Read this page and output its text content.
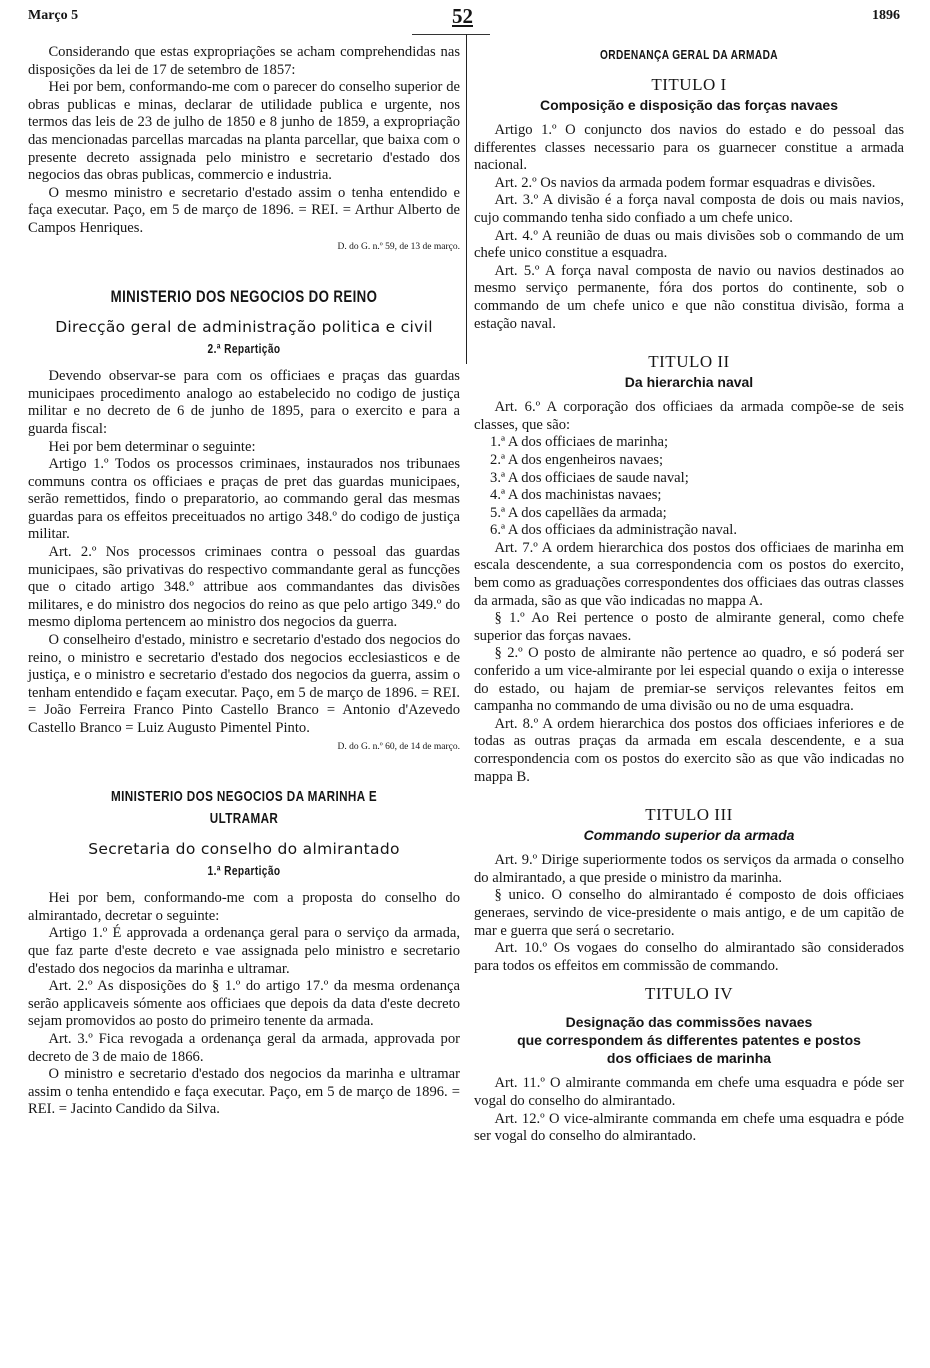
Março 5	52	1896

Considerando que estas expropriações se acham comprehendidas nas disposições da lei de 17 de setembro de 1857:

Hei por bem, conformando-me com o parecer do conselho superior de obras publicas e minas, declarar de utilidade publica e urgente, nos termos das leis de 23 de julho de 1850 e 8 junho de 1859, a expropriação das mencionadas parcellas marcadas na planta parcellar, que baixa com o presente decreto assignada pelo ministro e secretario d'estado dos negocios das obras publicas, commercio e industria.

O mesmo ministro e secretario d'estado assim o tenha entendido e faça executar. Paço, em 5 de março de 1896. = REI. = Arthur Alberto de Campos Henriques.

D. do G. n.º 59, de 13 de março.

MINISTERIO DOS NEGOCIOS DO REINO
Direcção geral de administração politica e civil
2.ª Repartição

Devendo observar-se para com os officiaes e praças das guardas municipaes procedimento analogo ao estabelecido no codigo de justiça militar e no decreto de 6 de junho de 1895, para o exercito e para a guarda fiscal:

Hei por bem determinar o seguinte:

Artigo 1.º Todos os processos criminaes, instaurados nos tribunaes communs contra os officiaes e praças de pret das guardas municipaes, serão remettidos, findo o preparatorio, ao commando geral das mesmas guardas para os effeitos preceituados no artigo 348.º do codigo de justiça militar.

Art. 2.º Nos processos criminaes contra o pessoal das guardas municipaes, são privativas do respectivo commandante geral as funcções que o citado artigo 348.º attribue aos commandantes das divisões militares, e do ministro dos negocios do reino as que pelo artigo 349.º do mesmo diploma pertencem ao ministro dos negocios da guerra.

O conselheiro d'estado, ministro e secretario d'estado dos negocios do reino, o ministro e secretario d'estado dos negocios ecclesiasticos e de justiça, e o ministro e secretario d'estado dos negocios da guerra, assim o tenham entendido e façam executar. Paço, em 5 de março de 1896. = REI. = João Ferreira Franco Pinto Castello Branco = Antonio d'Azevedo Castello Branco = Luiz Augusto Pimentel Pinto.

D. do G. n.º 60, de 14 de março.

MINISTERIO DOS NEGOCIOS DA MARINHA E ULTRAMAR
Secretaria do conselho do almirantado
1.ª Repartição

Hei por bem, conformando-me com a proposta do conselho do almirantado, decretar o seguinte:

Artigo 1.º É approvada a ordenança geral para o serviço da armada, que faz parte d'este decreto e vae assignada pelo ministro e secretario d'estado dos negocios da marinha e ultramar.

Art. 2.º As disposições do § 1.º do artigo 17.º da mesma ordenança serão applicaveis sómente aos officiaes que depois da data d'este decreto sejam promovidos ao posto do primeiro tenente da armada.

Art. 3.º Fica revogada a ordenança geral da armada, approvada por decreto de 3 de maio de 1866.

O ministro e secretario d'estado dos negocios da marinha e ultramar assim o tenha entendido e faça executar. Paço, em 5 de março de 1896. = REI. = Jacinto Candido da Silva.

ORDENANÇA GERAL DA ARMADA
TITULO I
Composição e disposição das forças navaes

Artigo 1.º O conjuncto dos navios do estado e do pessoal das differentes classes necessario para os guarnecer constitue a armada nacional.

Art. 2.º Os navios da armada podem formar esquadras e divisões.

Art. 3.º A divisão é a força naval composta de dois ou mais navios, cujo commando tenha sido confiado a um chefe unico.

Art. 4.º A reunião de duas ou mais divisões sob o commando de um chefe unico constitue a esquadra.

Art. 5.º A força naval composta de navio ou navios destinados ao mesmo serviço permanente, fóra dos portos do continente, sob o commando de um chefe unico e que não constitua divisão, forma a estação naval.

TITULO II
Da hierarchia naval

Art. 6.º A corporação dos officiaes da armada compõe-se de seis classes, que são:

1.ª A dos officiaes de marinha;

2.ª A dos engenheiros navaes;

3.ª A dos officiaes de saude naval;

4.ª A dos machinistas navaes;

5.ª A dos capellães da armada;

6.ª A dos officiaes da administração naval.

Art. 7.º A ordem hierarchica dos postos dos officiaes de marinha em escala descendente, a sua correspondencia com os postos do exercito, bem como as graduações correspondentes dos officiaes das outras classes da armada, são as que vão indicadas no mappa A.

§ 1.º Ao Rei pertence o posto de almirante general, como chefe superior das forças navaes.

§ 2.º O posto de almirante não pertence ao quadro, e só poderá ser conferido a um vice-almirante por lei especial quando o exija o interesse do estado, ou hajam de premiar-se serviços relevantes feitos em campanha no commando de uma divisão ou no de uma esquadra.

Art. 8.º A ordem hierarchica dos postos dos officiaes inferiores e de todas as outras praças da armada em escala descendente, e a sua correspondencia com os postos do exercito são as que vão indicadas no mappa B.

TITULO III
Commando superior da armada

Art. 9.º Dirige superiormente todos os serviços da armada o conselho do almirantado, a que preside o ministro da marinha.

§ unico. O conselho do almirantado é composto de dois officiaes generaes, servindo de vice-presidente o mais antigo, e de um capitão de mar e guerra que será o secretario.

Art. 10.º Os vogaes do conselho do almirantado são considerados para todos os effeitos em commissão de commando.

TITULO IV
Designação das commissões navaes
que correspondem ás differentes patentes e postos
dos officiaes de marinha

Art. 11.º O almirante commanda em chefe uma esquadra e póde ser vogal do conselho do almirantado.

Art. 12.º O vice-almirante commanda em chefe uma esquadra e póde ser vogal do conselho do almirantado.
